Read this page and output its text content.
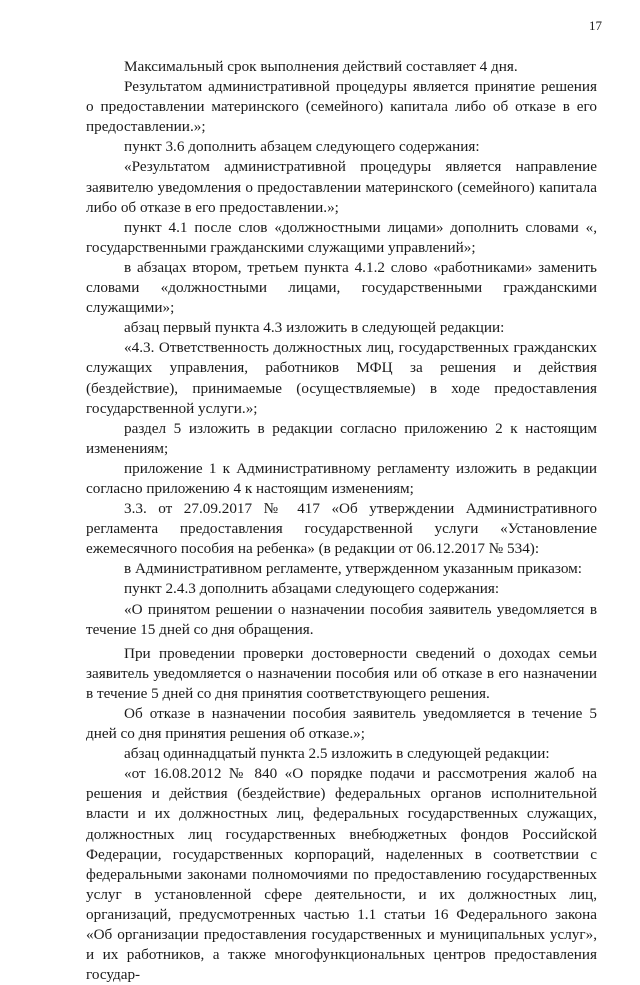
17

Максимальный срок выполнения действий составляет 4 дня.

Результатом административной процедуры является принятие решения о предоставлении материнского (семейного) капитала либо об отказе в его предоставлении.»;

пункт 3.6 дополнить абзацем следующего содержания:

«Результатом административной процедуры является направление заявителю уведомления о предоставлении материнского (семейного) капитала либо об отказе в его предоставлении.»;

пункт 4.1 после слов «должностными лицами» дополнить словами «, государственными гражданскими служащими управлений»;

в абзацах втором, третьем пункта 4.1.2 слово «работниками» заменить словами «должностными лицами, государственными гражданскими служащими»;

абзац первый пункта 4.3 изложить в следующей редакции:

«4.3. Ответственность должностных лиц, государственных гражданских служащих управления, работников МФЦ за решения и действия (бездействие), принимаемые (осуществляемые) в ходе предоставления государственной услуги.»;

раздел 5 изложить в редакции согласно приложению 2 к настоящим изменениям;

приложение 1 к Административному регламенту изложить в редакции согласно приложению 4 к настоящим изменениям;

3.3. от 27.09.2017 № 417 «Об утверждении Административного регламента предоставления государственной услуги «Установление ежемесячного пособия на ребенка» (в редакции от 06.12.2017 № 534):

в Административном регламенте, утвержденном указанным приказом:

пункт 2.4.3 дополнить абзацами следующего содержания:

«О принятом решении о назначении пособия заявитель уведомляется в течение 15 дней со дня обращения.

При проведении проверки достоверности сведений о доходах семьи заявитель уведомляется о назначении пособия или об отказе в его назначении в течение 5 дней со дня принятия соответствующего решения.

Об отказе в назначении пособия заявитель уведомляется в течение 5 дней со дня принятия решения об отказе.»;

абзац одиннадцатый пункта 2.5 изложить в следующей редакции:

«от 16.08.2012 № 840 «О порядке подачи и рассмотрения жалоб на решения и действия (бездействие) федеральных органов исполнительной власти и их должностных лиц, федеральных государственных служащих, должностных лиц государственных внебюджетных фондов Российской Федерации, государственных корпораций, наделенных в соответствии с федеральными законами полномочиями по предоставлению государственных услуг в установленной сфере деятельности, и их должностных лиц, организаций, предусмотренных частью 1.1 статьи 16 Федерального закона «Об организации предоставления государственных и муниципальных услуг», и их работников, а также многофункциональных центров предоставления государ-
